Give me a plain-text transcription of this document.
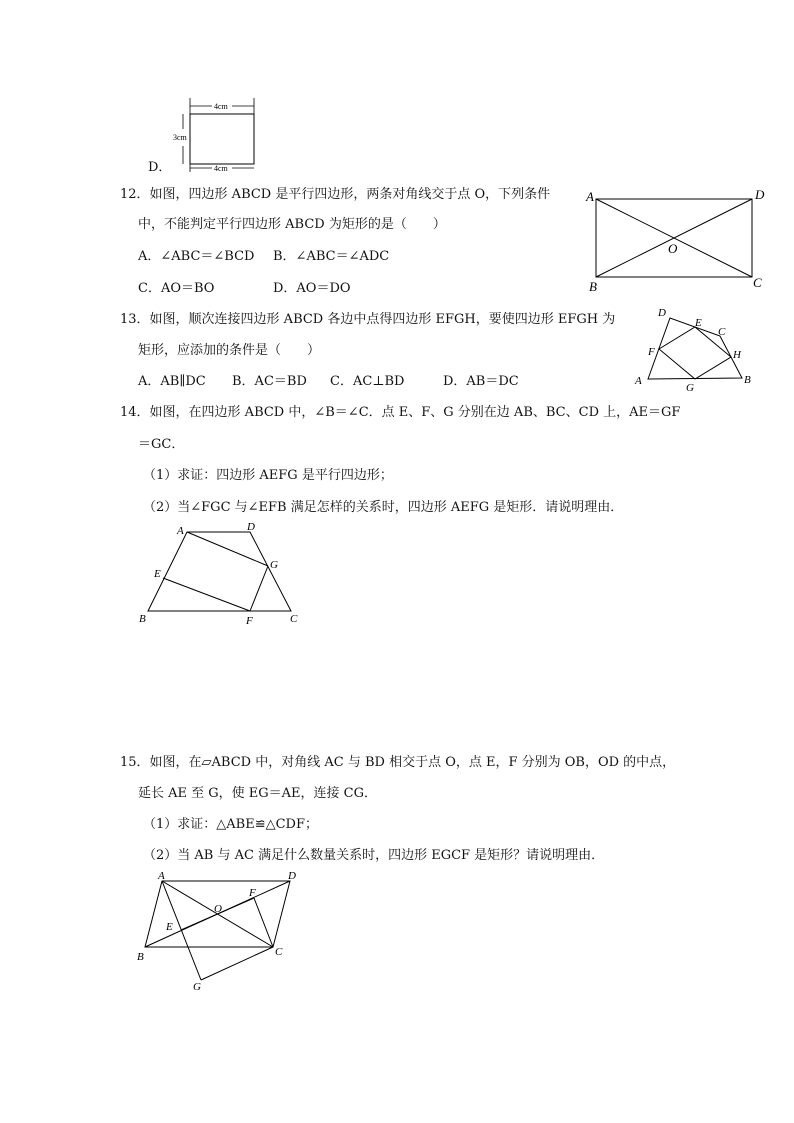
4cm
3cm
4cm
D．
12．如图，四边形 ABCD 是平行四边形，两条对角线交于点 O，下列条件
中，不能判定平行四边形 ABCD 为矩形的是（　　）
A．∠ABC＝∠BCD B．∠ABC＝∠ADC
C．AO＝BO	D．AO＝DO
A	D
B	C
O
13．如图，顺次连接四边形 ABCD 各边中点得四边形 EFGH，要使四边形 EFGH 为
矩形，应添加的条件是（　　）
A．AB∥DC B．AC＝BD C．AC⊥BD	D．AB＝DC	A	B
C
D
E
F
G
H
14．如图，在四边形 ABCD 中，∠B＝∠C．点 E、F、G 分别在边 AB、BC、CD 上，AE＝GF
＝GC．
（1）求证：四边形 AEFG 是平行四边形；
（2）当∠FGC 与∠EFB 满足怎样的关系时，四边形 AEFG 是矩形．请说明理由．
A	D
E
G
B	F	C
15．如图，在▱ABCD 中，对角线 AC 与 BD 相交于点 O，点 E，F 分别为 OB，OD 的中点，
延长 AE 至 G，使 EG＝AE，连接 CG．
（1）求证：△ABE≌△CDF；
（2）当 AB 与 AC 满足什么数量关系时，四边形 EGCF 是矩形？请说明理由．
A	D
O
F
E
B	C
G
